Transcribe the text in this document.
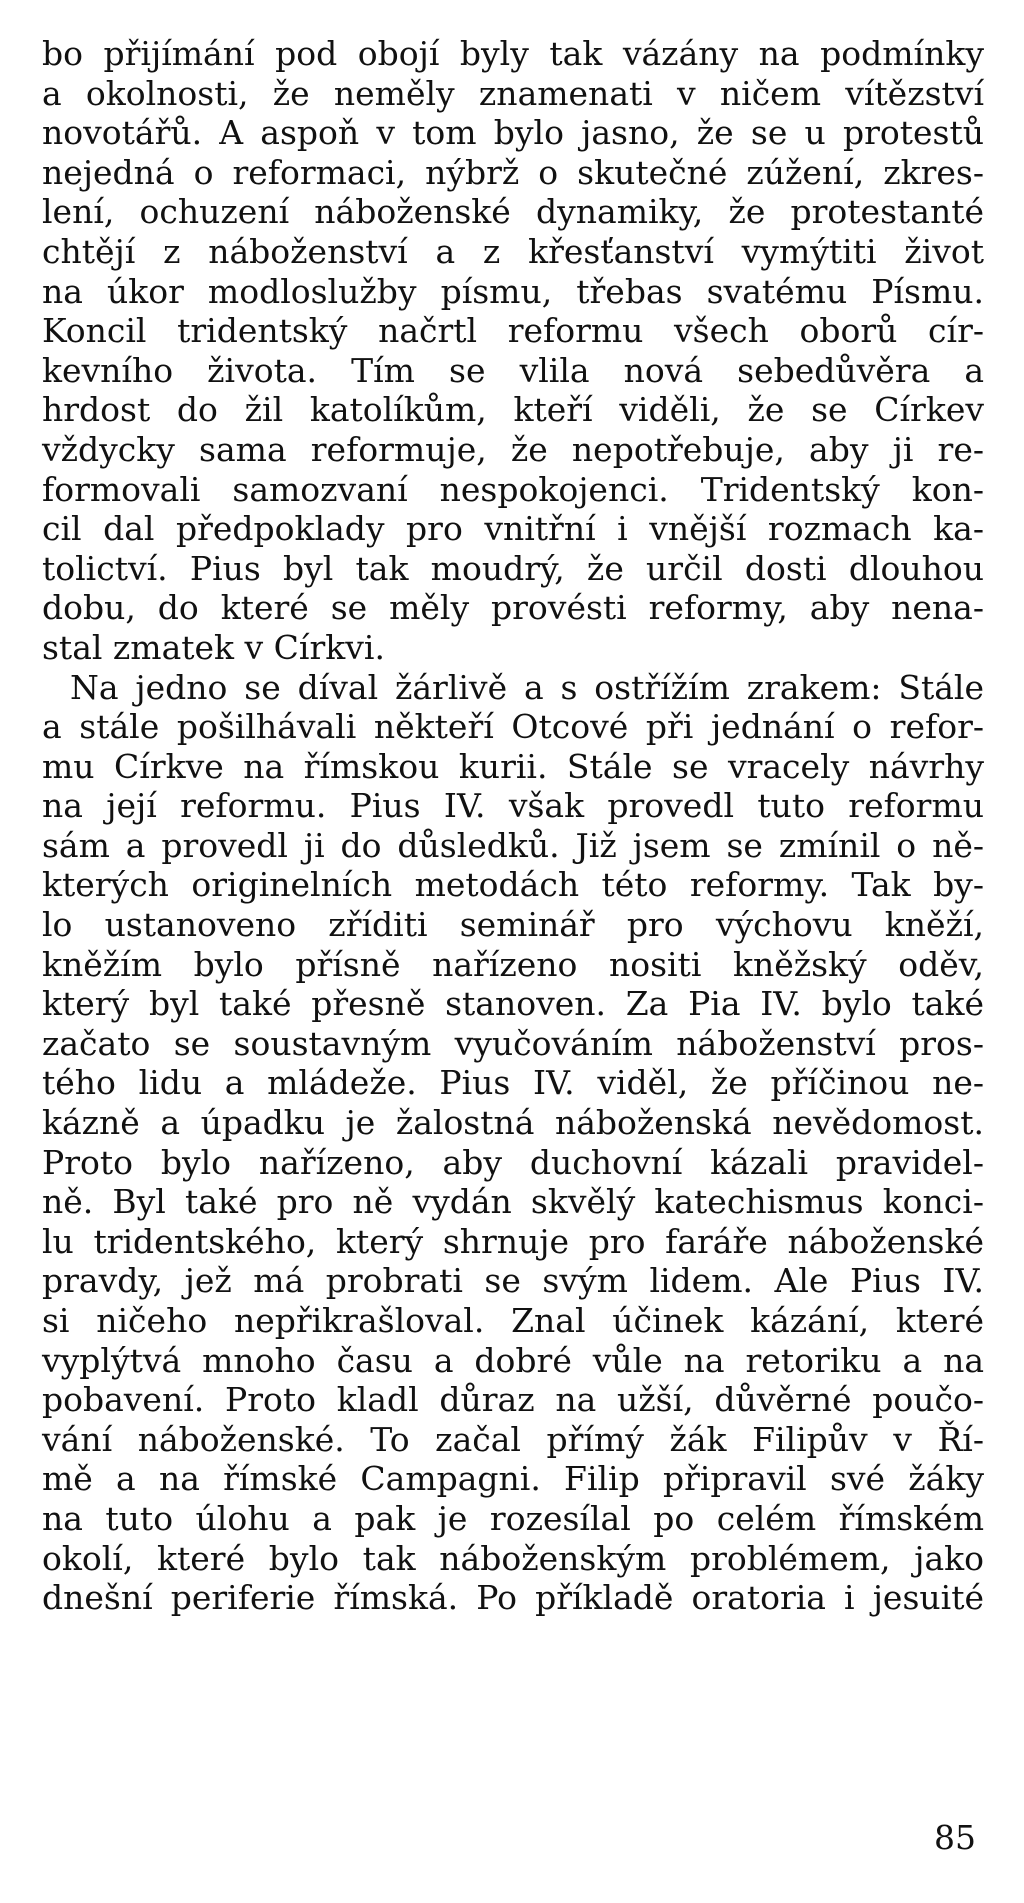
bo přijímání pod obojí byly tak vázány na podmínky
a okolnosti, že neměly znamenati v ničem vítězství
novotářů. A aspoň v tom bylo jasno, že se u protestů
nejedná o reformaci, nýbrž o skutečné zúžení, zkres-
lení, ochuzení náboženské dynamiky, že protestanté
chtějí z náboženství a z křesťanství vymýtiti život
na úkor modloslužby písmu, třebas svatému Písmu.
Koncil tridentský načrtl reformu všech oborů cír-
kevního života. Tím se vlila nová sebedůvěra a
hrdost do žil katolíkům, kteří viděli, že se Církev
vždycky sama reformuje, že nepotřebuje, aby ji re-
formovali samozvaní nespokojenci. Tridentský kon-
cil dal předpoklady pro vnitřní i vnější rozmach ka-
tolictví. Pius byl tak moudrý, že určil dosti dlouhou
dobu, do které se měly provésti reformy, aby nena-
stal zmatek v Církvi.
Na jedno se díval žárlivě a s ostřížím zrakem: Stále
a stále pošilhávali někteří Otcové při jednání o refor-
mu Církve na římskou kurii. Stále se vracely návrhy
na její reformu. Pius IV. však provedl tuto reformu
sám a provedl ji do důsledků. Již jsem se zmínil o ně-
kterých originelních metodách této reformy. Tak by-
lo ustanoveno zříditi seminář pro výchovu kněží,
kněžím bylo přísně nařízeno nositi kněžský oděv,
který byl také přesně stanoven. Za Pia IV. bylo také
začato se soustavným vyučováním náboženství pros-
tého lidu a mládeže. Pius IV. viděl, že příčinou ne-
kázně a úpadku je žalostná náboženská nevědomost.
Proto bylo nařízeno, aby duchovní kázali pravidel-
ně. Byl také pro ně vydán skvělý katechismus konci-
lu tridentského, který shrnuje pro faráře náboženské
pravdy, jež má probrati se svým lidem. Ale Pius IV.
si ničeho nepřikrašloval. Znal účinek kázání, které
vyplýtvá mnoho času a dobré vůle na retoriku a na
pobavení. Proto kladl důraz na užší, důvěrné poučo-
vání náboženské. To začal přímý žák Filipův v Ří-
mě a na římské Campagni. Filip připravil své žáky
na tuto úlohu a pak je rozesílal po celém římském
okolí, které bylo tak náboženským problémem, jako
dnešní periferie římská. Po příkladě oratoria i jesuité
85
